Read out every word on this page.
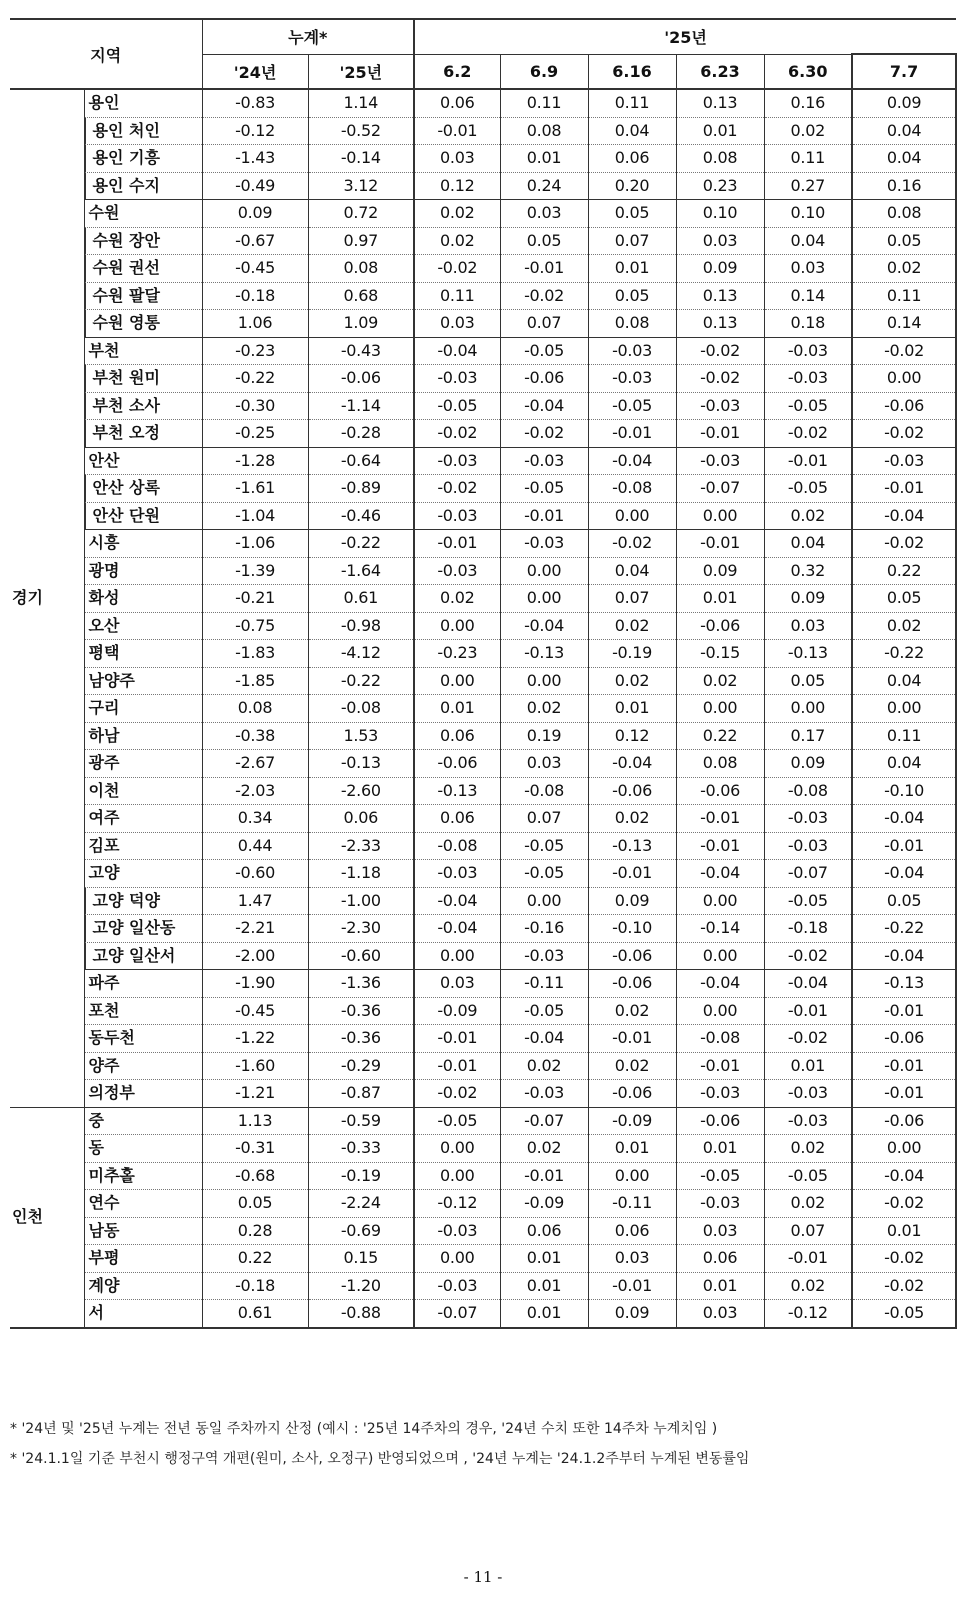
지역		누계*		'25년					
		'24년	'25년	6.2	6.9	6.16	6.23	6.30	7.7
경기	용인	-0.83	1.14	0.06	0.11	0.11	0.13	0.16	0.09
	용인 처인	-0.12	-0.52	-0.01	0.08	0.04	0.01	0.02	0.04
	용인 기흥	-1.43	-0.14	0.03	0.01	0.06	0.08	0.11	0.04
	용인 수지	-0.49	3.12	0.12	0.24	0.20	0.23	0.27	0.16
	수원	0.09	0.72	0.02	0.03	0.05	0.10	0.10	0.08
	수원 장안	-0.67	0.97	0.02	0.05	0.07	0.03	0.04	0.05
	수원 권선	-0.45	0.08	-0.02	-0.01	0.01	0.09	0.03	0.02
	수원 팔달	-0.18	0.68	0.11	-0.02	0.05	0.13	0.14	0.11
	수원 영통	1.06	1.09	0.03	0.07	0.08	0.13	0.18	0.14
	부천	-0.23	-0.43	-0.04	-0.05	-0.03	-0.02	-0.03	-0.02
	부천 원미	-0.22	-0.06	-0.03	-0.06	-0.03	-0.02	-0.03	0.00
	부천 소사	-0.30	-1.14	-0.05	-0.04	-0.05	-0.03	-0.05	-0.06
	부천 오정	-0.25	-0.28	-0.02	-0.02	-0.01	-0.01	-0.02	-0.02
	안산	-1.28	-0.64	-0.03	-0.03	-0.04	-0.03	-0.01	-0.03
	안산 상록	-1.61	-0.89	-0.02	-0.05	-0.08	-0.07	-0.05	-0.01
	안산 단원	-1.04	-0.46	-0.03	-0.01	0.00	0.00	0.02	-0.04
	시흥	-1.06	-0.22	-0.01	-0.03	-0.02	-0.01	0.04	-0.02
	광명	-1.39	-1.64	-0.03	0.00	0.04	0.09	0.32	0.22
	화성	-0.21	0.61	0.02	0.00	0.07	0.01	0.09	0.05
	오산	-0.75	-0.98	0.00	-0.04	0.02	-0.06	0.03	0.02
	평택	-1.83	-4.12	-0.23	-0.13	-0.19	-0.15	-0.13	-0.22
	남양주	-1.85	-0.22	0.00	0.00	0.02	0.02	0.05	0.04
	구리	0.08	-0.08	0.01	0.02	0.01	0.00	0.00	0.00
	하남	-0.38	1.53	0.06	0.19	0.12	0.22	0.17	0.11
	광주	-2.67	-0.13	-0.06	0.03	-0.04	0.08	0.09	0.04
	이천	-2.03	-2.60	-0.13	-0.08	-0.06	-0.06	-0.08	-0.10
	여주	0.34	0.06	0.06	0.07	0.02	-0.01	-0.03	-0.04
	김포	0.44	-2.33	-0.08	-0.05	-0.13	-0.01	-0.03	-0.01
	고양	-0.60	-1.18	-0.03	-0.05	-0.01	-0.04	-0.07	-0.04
	고양 덕양	1.47	-1.00	-0.04	0.00	0.09	0.00	-0.05	0.05
	고양 일산동	-2.21	-2.30	-0.04	-0.16	-0.10	-0.14	-0.18	-0.22
	고양 일산서	-2.00	-0.60	0.00	-0.03	-0.06	0.00	-0.02	-0.04
	파주	-1.90	-1.36	0.03	-0.11	-0.06	-0.04	-0.04	-0.13
	포천	-0.45	-0.36	-0.09	-0.05	0.02	0.00	-0.01	-0.01
	동두천	-1.22	-0.36	-0.01	-0.04	-0.01	-0.08	-0.02	-0.06
	양주	-1.60	-0.29	-0.01	0.02	0.02	-0.01	0.01	-0.01
	의정부	-1.21	-0.87	-0.02	-0.03	-0.06	-0.03	-0.03	-0.01
인천	중	1.13	-0.59	-0.05	-0.07	-0.09	-0.06	-0.03	-0.06
	동	-0.31	-0.33	0.00	0.02	0.01	0.01	0.02	0.00
	미추홀	-0.68	-0.19	0.00	-0.01	0.00	-0.05	-0.05	-0.04
	연수	0.05	-2.24	-0.12	-0.09	-0.11	-0.03	0.02	-0.02
	남동	0.28	-0.69	-0.03	0.06	0.06	0.03	0.07	0.01
	부평	0.22	0.15	0.00	0.01	0.03	0.06	-0.01	-0.02
	계양	-0.18	-1.20	-0.03	0.01	-0.01	0.01	0.02	-0.02
	서	0.61	-0.88	-0.07	0.01	0.09	0.03	-0.12	-0.05
* '24년 및 '25년 누계는 전년 동일 주차까지 산정 (예시 : '25년 14주차의 경우, '24년 수치 또한 14주차 누계치임 )
* '24.1.1일 기준 부천시 행정구역 개편(원미, 소사, 오정구) 반영되었으며 , '24년 누계는 '24.1.2주부터 누계된 변동률임
- 11 -
